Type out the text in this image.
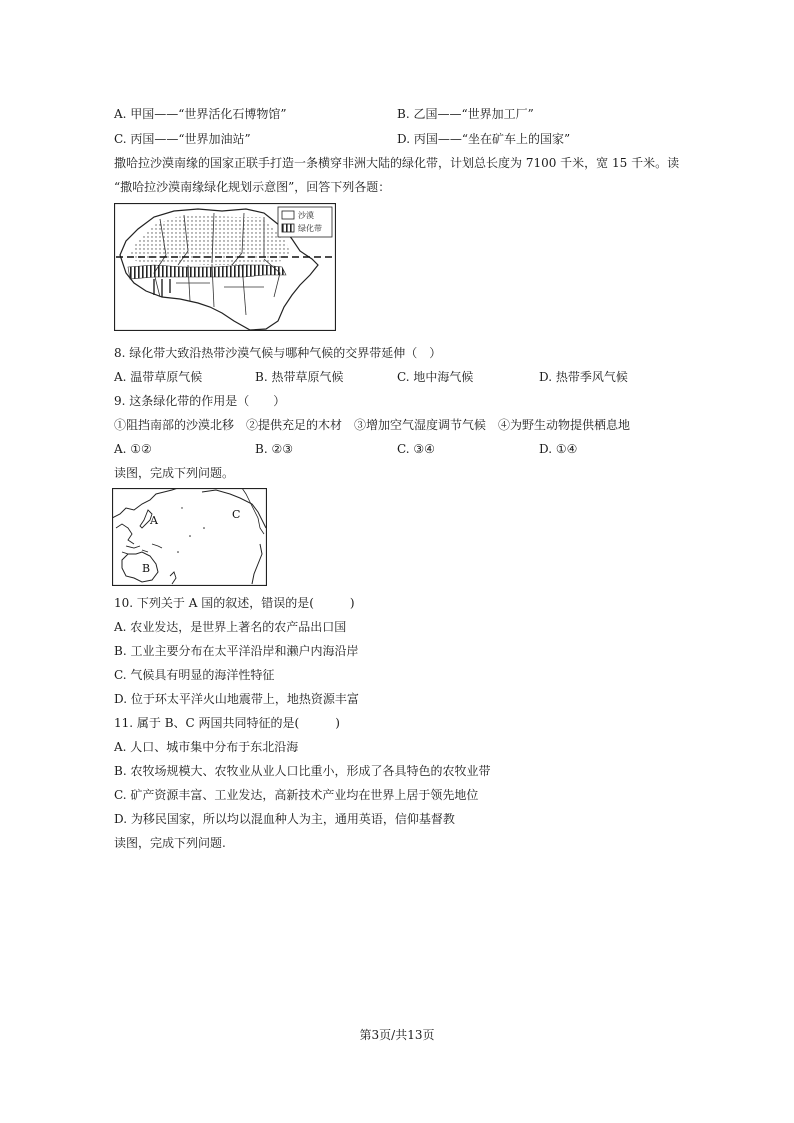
A. 甲国——“世界活化石博物馆”	B. 乙国——“世界加工厂”
C. 丙国——“世界加油站”	D. 丙国——“坐在矿车上的国家”
撒哈拉沙漠南缘的国家正联手打造一条横穿非洲大陆的绿化带，计划总长度为 7100 千米，宽 15 千米。读
“撒哈拉沙漠南缘绿化规划示意图”，回答下列各题：
沙漠
绿化带
8. 绿化带大致沿热带沙漠气候与哪种气候的交界带延伸（　）
A. 温带草原气候	B. 热带草原气候	C. 地中海气候	D. 热带季风气候
9. 这条绿化带的作用是（　　）
①阻挡南部的沙漠北移　②提供充足的木材　③增加空气湿度调节气候　④为野生动物提供栖息地
A. ①②	B. ②③	C. ③④	D. ①④
读图，完成下列问题。
A
B
C
10. 下列关于 A 国的叙述，错误的是(　　　)
A. 农业发达，是世界上著名的农产品出口国
B. 工业主要分布在太平洋沿岸和濑户内海沿岸
C. 气候具有明显的海洋性特征
D. 位于环太平洋火山地震带上，地热资源丰富
11. 属于 B、C 两国共同特征的是(　　　)
A. 人口、城市集中分布于东北沿海
B. 农牧场规模大、农牧业从业人口比重小，形成了各具特色的农牧业带
C. 矿产资源丰富、工业发达，高新技术产业均在世界上居于领先地位
D. 为移民国家，所以均以混血种人为主，通用英语，信仰基督教
读图，完成下列问题.
第3页/共13页
